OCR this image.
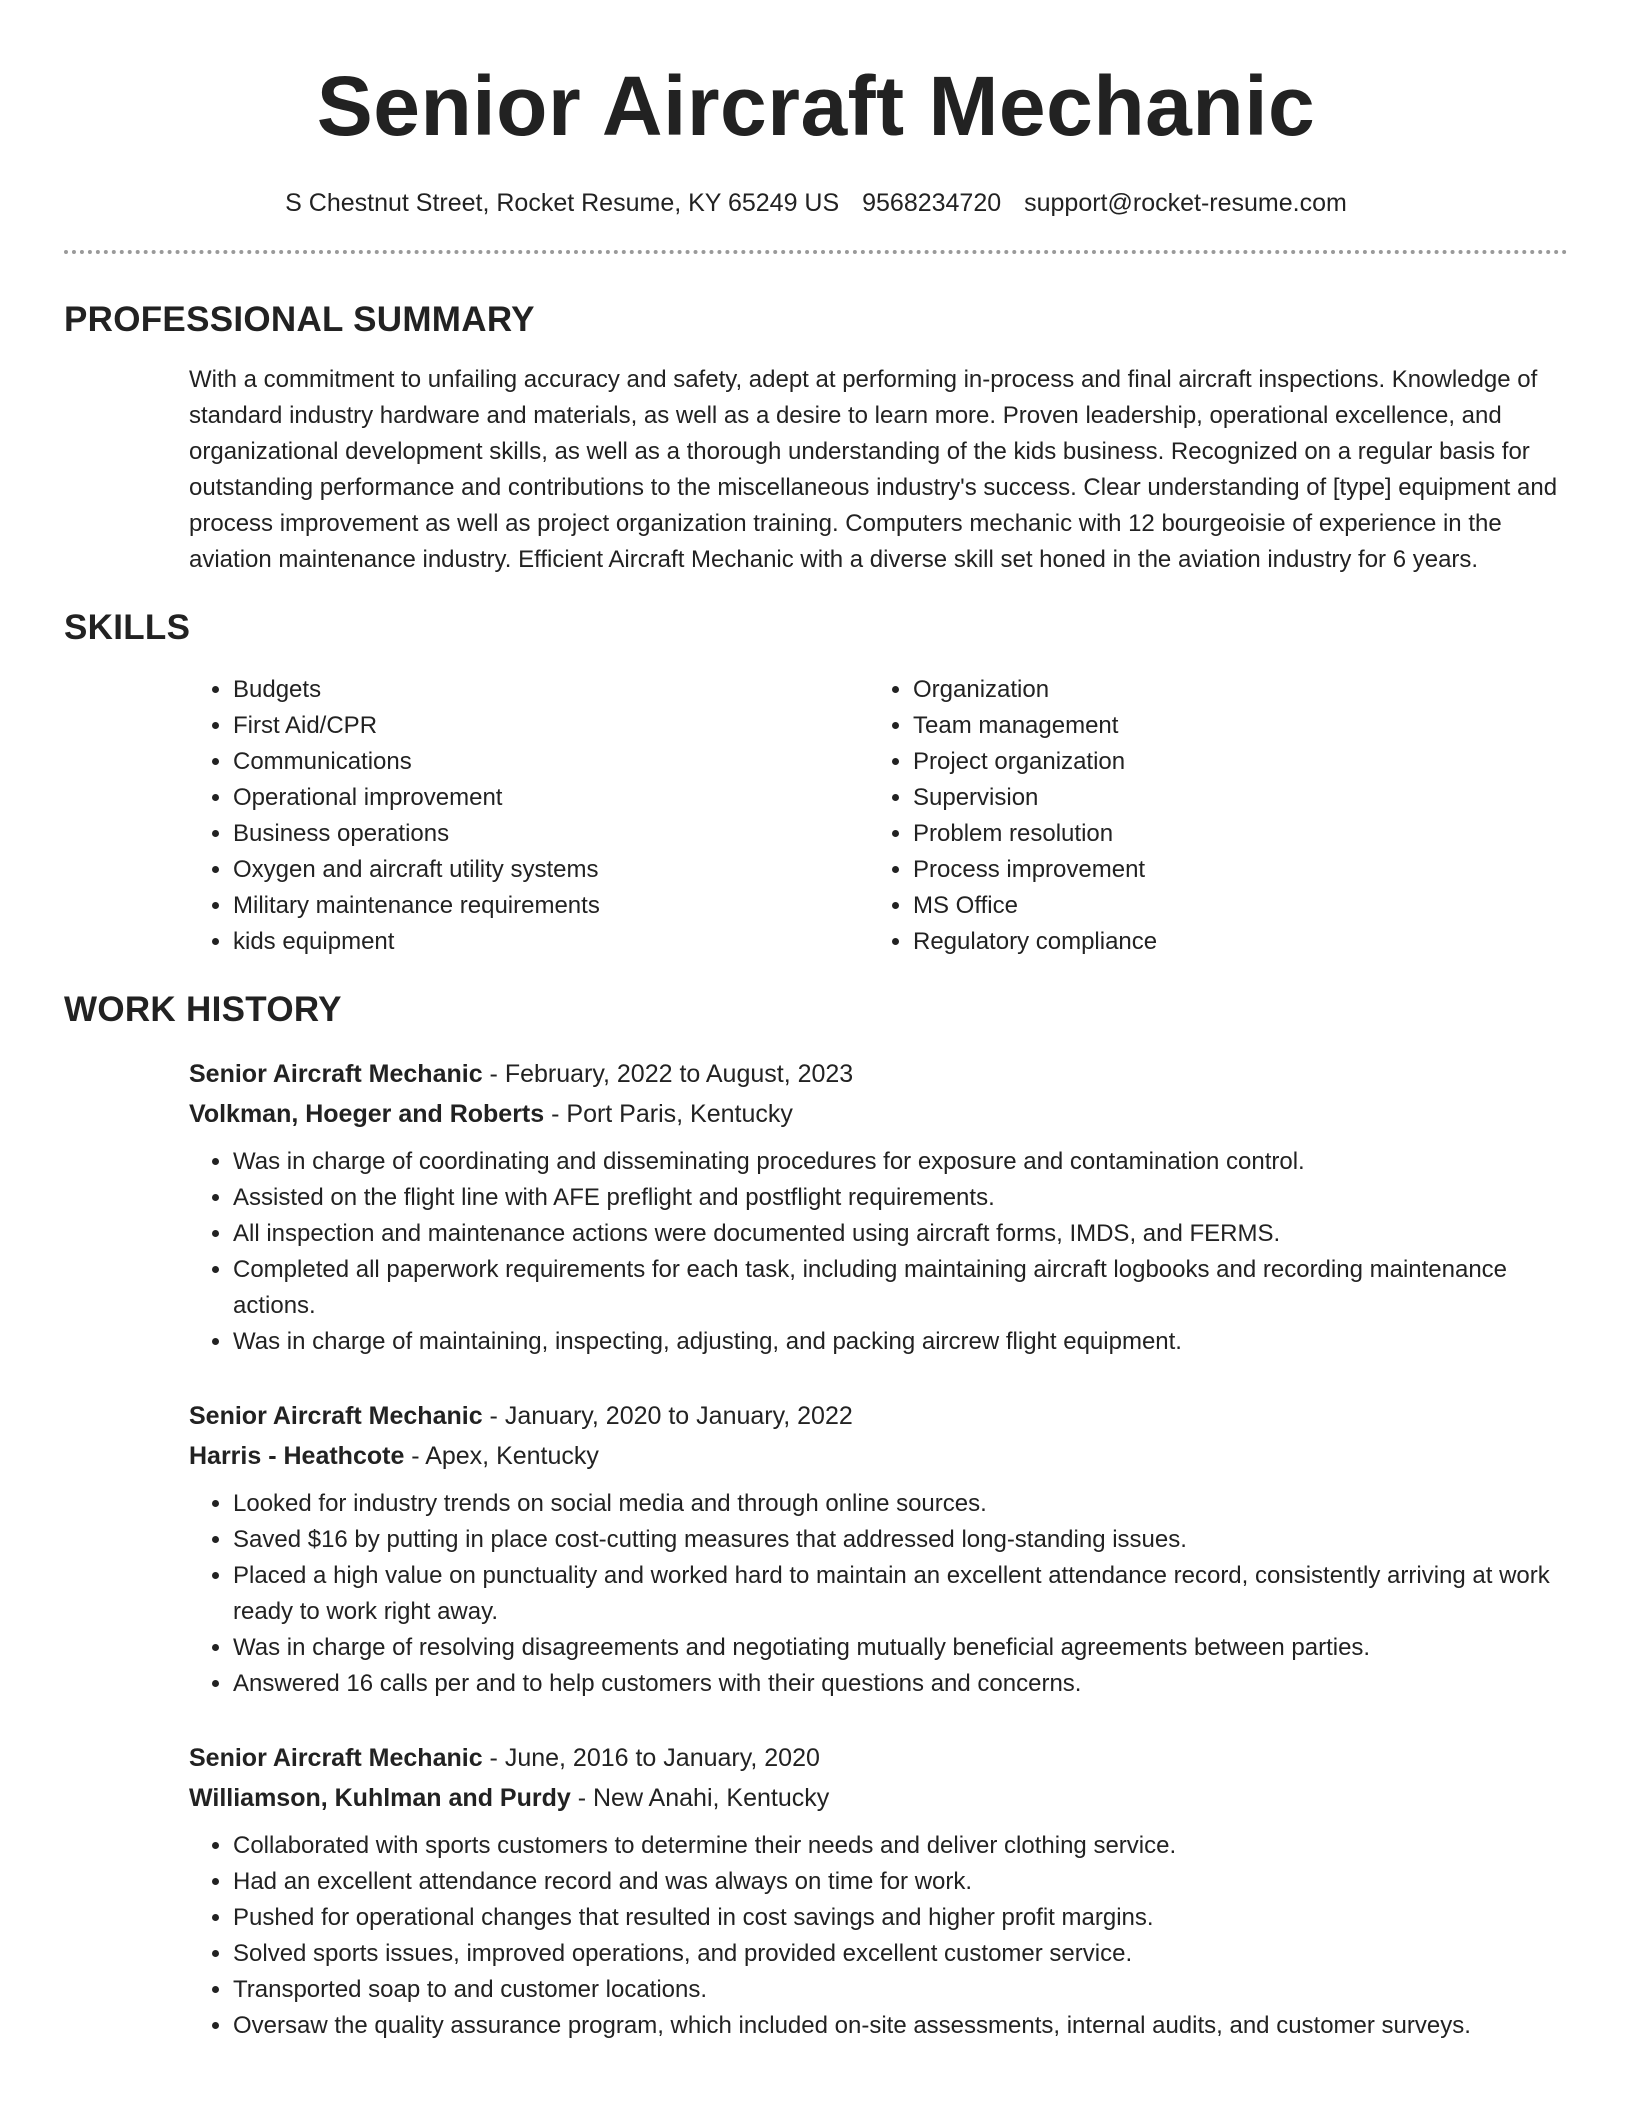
Senior Aircraft Mechanic
S Chestnut Street, Rocket Resume, KY 65249 US 9568234720 support@rocket-resume.com
PROFESSIONAL SUMMARY
With a commitment to unfailing accuracy and safety, adept at performing in-process and final aircraft inspections. Knowledge of standard industry hardware and materials, as well as a desire to learn more. Proven leadership, operational excellence, and organizational development skills, as well as a thorough understanding of the kids business. Recognized on a regular basis for outstanding performance and contributions to the miscellaneous industry's success. Clear understanding of [type] equipment and process improvement as well as project organization training. Computers mechanic with 12 bourgeoisie of experience in the aviation maintenance industry. Efficient Aircraft Mechanic with a diverse skill set honed in the aviation industry for 6 years.
SKILLS
• Budgets
• First Aid/CPR
• Communications
• Operational improvement
• Business operations
• Oxygen and aircraft utility systems
• Military maintenance requirements
• kids equipment
• Organization
• Team management
• Project organization
• Supervision
• Problem resolution
• Process improvement
• MS Office
• Regulatory compliance
WORK HISTORY
Senior Aircraft Mechanic - February, 2022 to August, 2023
Volkman, Hoeger and Roberts - Port Paris, Kentucky
• Was in charge of coordinating and disseminating procedures for exposure and contamination control.
• Assisted on the flight line with AFE preflight and postflight requirements.
• All inspection and maintenance actions were documented using aircraft forms, IMDS, and FERMS.
• Completed all paperwork requirements for each task, including maintaining aircraft logbooks and recording maintenance actions.
• Was in charge of maintaining, inspecting, adjusting, and packing aircrew flight equipment.
Senior Aircraft Mechanic - January, 2020 to January, 2022
Harris - Heathcote - Apex, Kentucky
• Looked for industry trends on social media and through online sources.
• Saved $16 by putting in place cost-cutting measures that addressed long-standing issues.
• Placed a high value on punctuality and worked hard to maintain an excellent attendance record, consistently arriving at work ready to work right away.
• Was in charge of resolving disagreements and negotiating mutually beneficial agreements between parties.
• Answered 16 calls per and to help customers with their questions and concerns.
Senior Aircraft Mechanic - June, 2016 to January, 2020
Williamson, Kuhlman and Purdy - New Anahi, Kentucky
• Collaborated with sports customers to determine their needs and deliver clothing service.
• Had an excellent attendance record and was always on time for work.
• Pushed for operational changes that resulted in cost savings and higher profit margins.
• Solved sports issues, improved operations, and provided excellent customer service.
• Transported soap to and customer locations.
• Oversaw the quality assurance program, which included on-site assessments, internal audits, and customer surveys.
